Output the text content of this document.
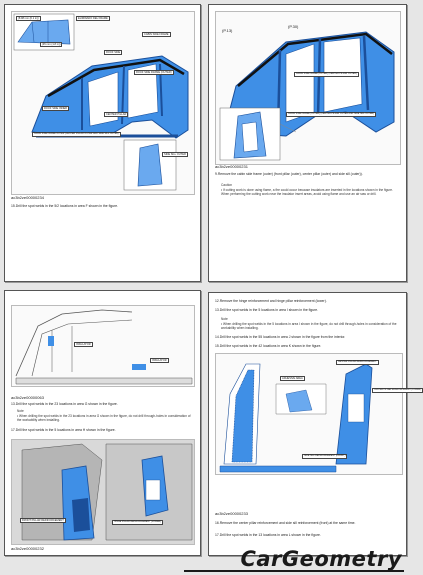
ELIMINADO DEL FRAME
(8.98 mm {0.1 in})
(45 mm {1.8 in})
ROOF SIDE
CABIN SIDE FRAME
ROOF SIDE FRAME (OUTER)
CENTER PILLAR
ROOF SIDE INNER
CABIN SIDE FRAME OUTER (CENTER PILLAR OUTER AND SIDE SILL OUTER)
SIDE SILL OUTER
ac3b2ze00000234
15.Drill the spot welds in the 5/2 locations in area F shown in the figure.
(P.13)
(P.30)
CABIN SIDE FRAME (OUTER) (CENTER PILLAR OUTER)
CABIN SIDE FRAME (OUTER) (CENTER PILLAR OUTER AND SIDE SILL OUTER)
ac3b2ze00000231
9.Remove the cabin side frame (outer) (front pillar (outer), center pillar (outer) and side sill (outer)).
Caution
• If cutting work is done using flame, a fire could occur because insulators are inserted in the locations shown in the figure. When performing the cutting work near the insulator insert areas, avoid using flame and use an air saw or drill.
INSULATOR
INSULATOR
ac3b2ze00000063
13.Drill the spot welds in the 23 locations in area G shown in the figure.
Note
• When drilling the spot welds in the 23 locations in area G shown in the figure, do not drill through-holes in consideration of the workability when installing.
17.Drill the spot welds in the 5 locations in area H shown in the figure.
FRONT PILLAR REINFORCEMENT	HINGE PILLAR REINFORCEMENT (LOWER)
ac3b2ze00000232
12.Remove the hinge reinforcement and hinge pillar reinforcement (lower).
13.Drill the spot welds in the 5 locations in area I shown in the figure.
Note
• When drilling the spot welds in the 5 locations in area I shown in the figure, do not drill through-holes in consideration of the workability when installing.
14.Drill the spot welds in the 55 locations in area J shown in the figure from the interior.
15.Drill the spot welds in the 42 locations in area K shown in the figure.
ADHESIVE AREA
CENTER PILLAR REINFORCEMENT
CENTER PILLAR REINFORCEMENT (LOWER)
SIDE SILL REINFORCEMENT (FRONT)
ac3b2ze00000233
16.Remove the center pillar reinforcement and side sill reinforcement (front) at the same time.
17.Drill the spot welds in the 13 locations in area L shown in the figure.
CarGeometry
